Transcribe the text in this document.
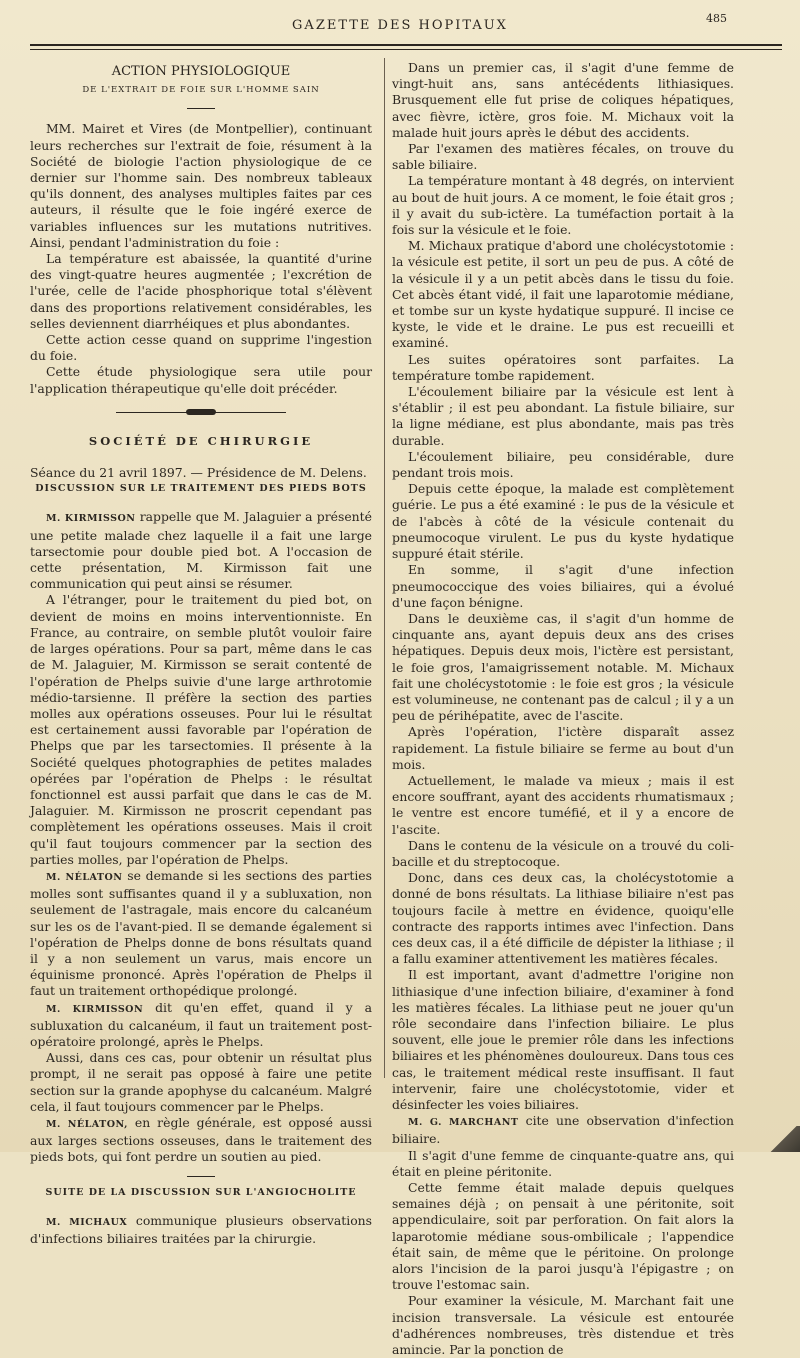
GAZETTE DES HOPITAUX	485
ACTION PHYSIOLOGIQUE
DE L'EXTRAIT DE FOIE SUR L'HOMME SAIN

MM. Mairet et Vires (de Montpellier), continuant leurs recherches sur l'extrait de foie, résument à la Société de biologie l'action physiologique de ce dernier sur l'homme sain. Des nombreux tableaux qu'ils donnent, des analyses multiples faites par ces auteurs, il résulte que le foie ingéré exerce de variables influences sur les mutations nutritives. Ainsi, pendant l'administration du foie :

La température est abaissée, la quantité d'urine des vingt-quatre heures augmentée ; l'excrétion de l'urée, celle de l'acide phosphorique total s'élèvent dans des proportions relativement considérables, les selles deviennent diarrhéiques et plus abondantes.

Cette action cesse quand on supprime l'ingestion du foie.

Cette étude physiologique sera utile pour l'application thérapeutique qu'elle doit précéder.

SOCIÉTÉ DE CHIRURGIE

Séance du 21 avril 1897. — Présidence de M. Delens.

DISCUSSION SUR LE TRAITEMENT DES PIEDS BOTS

M. KIRMISSON rappelle que M. Jalaguier a présenté une petite malade chez laquelle il a fait une large tarsectomie pour double pied bot. A l'occasion de cette présentation, M. Kirmisson fait une communication qui peut ainsi se résumer.

A l'étranger, pour le traitement du pied bot, on devient de moins en moins interventionniste. En France, au contraire, on semble plutôt vouloir faire de larges opérations. Pour sa part, même dans le cas de M. Jalaguier, M. Kirmisson se serait contenté de l'opération de Phelps suivie d'une large arthrotomie médio-tarsienne. Il préfère la section des parties molles aux opérations osseuses. Pour lui le résultat est certainement aussi favorable par l'opération de Phelps que par les tarsectomies. Il présente à la Société quelques photographies de petites malades opérées par l'opération de Phelps : le résultat fonctionnel est aussi parfait que dans le cas de M. Jalaguier. M. Kirmisson ne proscrit cependant pas complètement les opérations osseuses. Mais il croit qu'il faut toujours commencer par la section des parties molles, par l'opération de Phelps.

M. NÉLATON se demande si les sections des parties molles sont suffisantes quand il y a subluxation, non seulement de l'astragale, mais encore du calcanéum sur les os de l'avant-pied. Il se demande également si l'opération de Phelps donne de bons résultats quand il y a non seulement un varus, mais encore un équinisme prononcé. Après l'opération de Phelps il faut un traitement orthopédique prolongé.

M. KIRMISSON dit qu'en effet, quand il y a subluxation du calcanéum, il faut un traitement post-opératoire prolongé, après le Phelps.

Aussi, dans ces cas, pour obtenir un résultat plus prompt, il ne serait pas opposé à faire une petite section sur la grande apophyse du calcanéum. Malgré cela, il faut toujours commencer par le Phelps.

M. NÉLATON, en règle générale, est opposé aussi aux larges sections osseuses, dans le traitement des pieds bots, qui font perdre un soutien au pied.

SUITE DE LA DISCUSSION SUR L'ANGIOCHOLITE

M. MICHAUX communique plusieurs observations d'infections biliaires traitées par la chirurgie.

Dans un premier cas, il s'agit d'une femme de vingt-huit ans, sans antécédents lithiasiques. Brusquement elle fut prise de coliques hépatiques, avec fièvre, ictère, gros foie. M. Michaux voit la malade huit jours après le début des accidents.

Par l'examen des matières fécales, on trouve du sable biliaire.

La température montant à 48 degrés, on intervient au bout de huit jours. A ce moment, le foie était gros ; il y avait du sub-ictère. La tuméfaction portait à la fois sur la vésicule et le foie.

M. Michaux pratique d'abord une cholécystotomie : la vésicule est petite, il sort un peu de pus. A côté de la vésicule il y a un petit abcès dans le tissu du foie. Cet abcès étant vidé, il fait une laparotomie médiane, et tombe sur un kyste hydatique suppuré. Il incise ce kyste, le vide et le draine. Le pus est recueilli et examiné.

Les suites opératoires sont parfaites. La température tombe rapidement.

L'écoulement biliaire par la vésicule est lent à s'établir ; il est peu abondant. La fistule biliaire, sur la ligne médiane, est plus abondante, mais pas très durable.

L'écoulement biliaire, peu considérable, dure pendant trois mois.

Depuis cette époque, la malade est complètement guérie. Le pus a été examiné : le pus de la vésicule et de l'abcès à côté de la vésicule contenait du pneumocoque virulent. Le pus du kyste hydatique suppuré était stérile.

En somme, il s'agit d'une infection pneumococcique des voies biliaires, qui a évolué d'une façon bénigne.

Dans le deuxième cas, il s'agit d'un homme de cinquante ans, ayant depuis deux ans des crises hépatiques. Depuis deux mois, l'ictère est persistant, le foie gros, l'amaigrissement notable. M. Michaux fait une cholécystotomie : le foie est gros ; la vésicule est volumineuse, ne contenant pas de calcul ; il y a un peu de périhépatite, avec de l'ascite.

Après l'opération, l'ictère disparaît assez rapidement. La fistule biliaire se ferme au bout d'un mois.

Actuellement, le malade va mieux ; mais il est encore souffrant, ayant des accidents rhumatismaux ; le ventre est encore tuméfié, et il y a encore de l'ascite.

Dans le contenu de la vésicule on a trouvé du coli-bacille et du streptocoque.

Donc, dans ces deux cas, la cholécystotomie a donné de bons résultats. La lithiase biliaire n'est pas toujours facile à mettre en évidence, quoiqu'elle contracte des rapports intimes avec l'infection. Dans ces deux cas, il a été difficile de dépister la lithiase ; il a fallu examiner attentivement les matières fécales.

Il est important, avant d'admettre l'origine non lithiasique d'une infection biliaire, d'examiner à fond les matières fécales. La lithiase peut ne jouer qu'un rôle secondaire dans l'infection biliaire. Le plus souvent, elle joue le premier rôle dans les infections biliaires et les phénomènes douloureux. Dans tous ces cas, le traitement médical reste insuffisant. Il faut intervenir, faire une cholécystotomie, vider et désinfecter les voies biliaires.

M. G. MARCHANT cite une observation d'infection biliaire.

Il s'agit d'une femme de cinquante-quatre ans, qui était en pleine péritonite.

Cette femme était malade depuis quelques semaines déjà ; on pensait à une péritonite, soit appendiculaire, soit par perforation. On fait alors la laparotomie médiane sous-ombilicale ; l'appendice était sain, de même que le péritoine. On prolonge alors l'incision de la paroi jusqu'à l'épigastre ; on trouve l'estomac sain.

Pour examiner la vésicule, M. Marchant fait une incision transversale. La vésicule est entourée d'adhérences nombreuses, très distendue et très amincie. Par la ponction de
